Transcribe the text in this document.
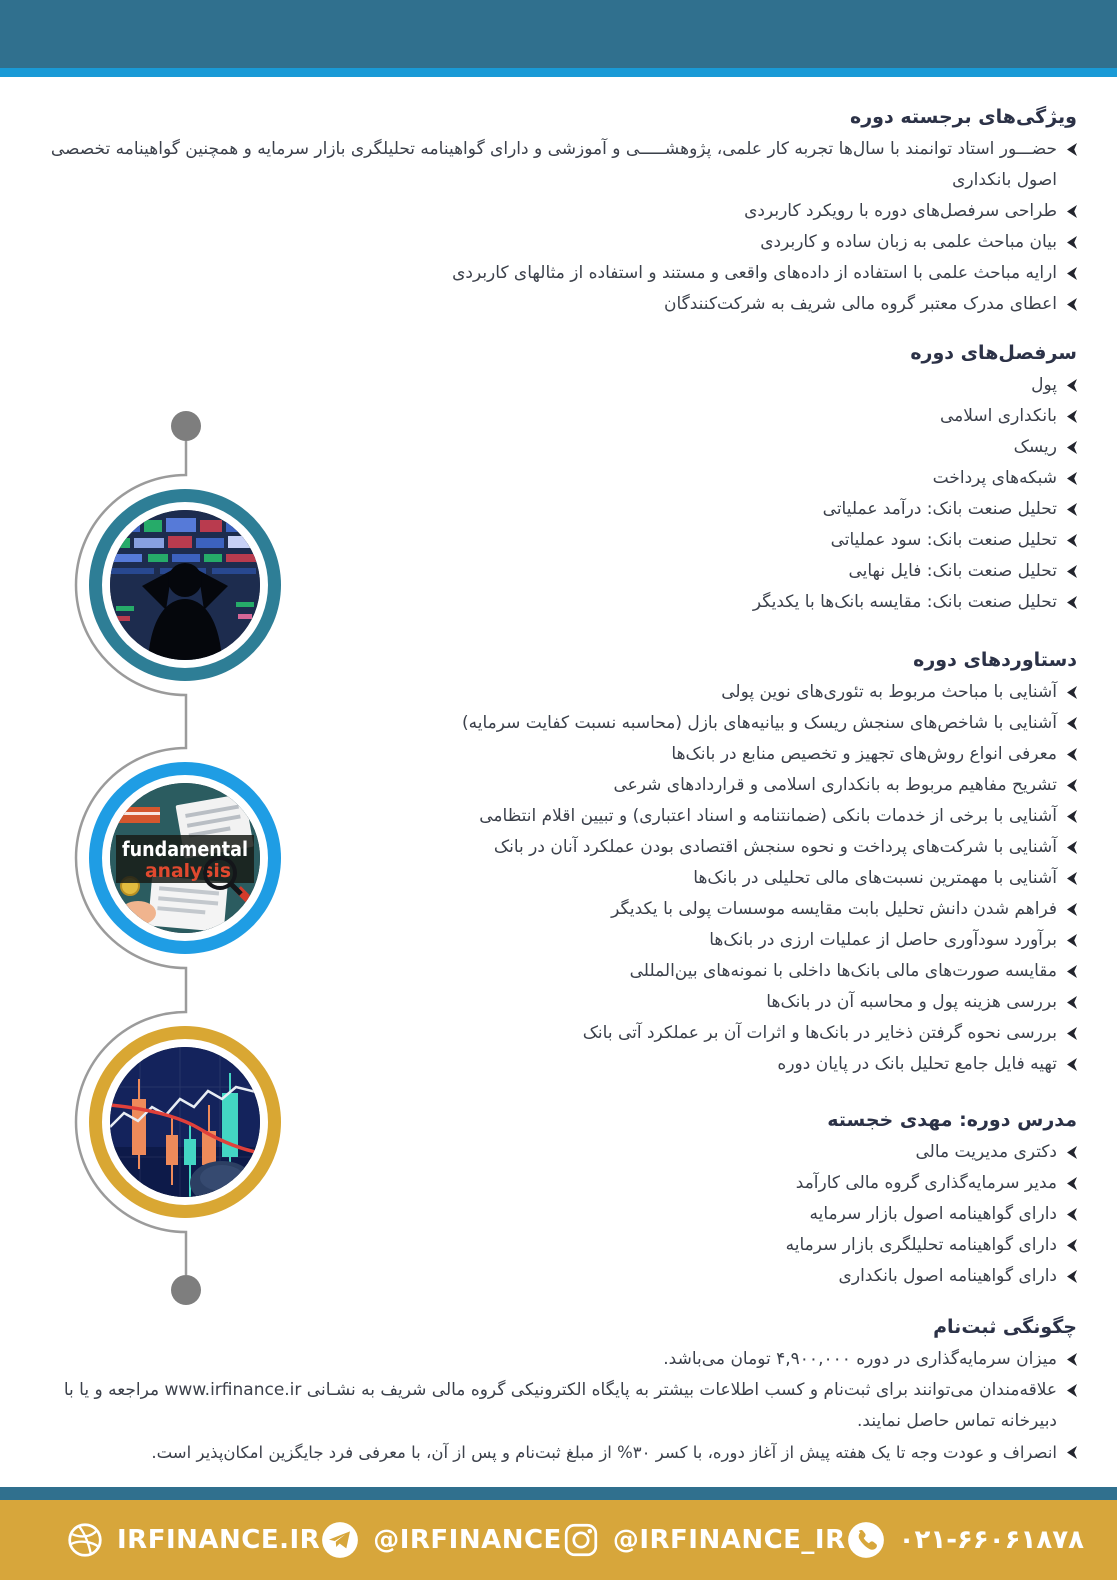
fundamental
analysis
ویژگی‌های برجسته دوره
حضـــور استاد توانمند با سال‌ها تجربه کار علمی، پژوهشـــــی و آموزشی و دارای گواهینامه تحلیلگری بازار سرمایه و همچنین گواهینامه تخصصی اصول بانکداری
طراحی سرفصل‌های دوره با رویکرد کاربردی
بیان مباحث علمی به زبان ساده و کاربردی
ارایه مباحث علمی با استفاده از داده‌های واقعی و مستند و استفاده از مثالهای کاربردی
اعطای مدرک معتبر گروه مالی شریف به شرکت‌کنندگان
سرفصل‌های دوره
پول
بانکداری اسلامی
ریسک
شبکه‌های پرداخت
تحلیل صنعت بانک: درآمد عملیاتی
تحلیل صنعت بانک: سود عملیاتی
تحلیل صنعت بانک: فایل نهایی
تحلیل صنعت بانک: مقایسه بانک‌ها با یکدیگر
دستاوردهای دوره
آشنایی با مباحث مربوط به تئوری‌های نوین پولی
آشنایی با شاخص‌های سنجش ریسک و بیانیه‌های بازل (محاسبه نسبت کفایت سرمایه)
معرفی انواع روش‌های تجهیز و تخصیص منابع در بانک‌ها
تشریح مفاهیم مربوط به بانکداری اسلامی و قراردادهای شرعی
آشنایی با برخی از خدمات بانکی (ضمانتنامه و اسناد اعتباری) و تبیین اقلام انتظامی
آشنایی با شرکت‌های پرداخت و نحوه سنجش اقتصادی بودن عملکرد آنان در بانک
آشنایی با مهمترین نسبت‌های مالی تحلیلی در بانک‌ها
فراهم شدن دانش تحلیل بابت مقایسه موسسات پولی با یکدیگر
برآورد سودآوری حاصل از عملیات ارزی در بانک‌ها
مقایسه صورت‌های مالی بانک‌ها داخلی با نمونه‌های بین‌المللی
بررسی هزینه پول و محاسبه آن در بانک‌ها
بررسی نحوه گرفتن ذخایر در بانک‌ها و اثرات آن بر عملکرد آتی بانک
تهیه فایل جامع تحلیل بانک در پایان دوره
مدرس دوره: مهدی خجسته
دکتری مدیریت مالی
مدیر سرمایه‌گذاری گروه مالی کارآمد
دارای گواهینامه اصول بازار سرمایه
دارای گواهینامه تحلیلگری بازار سرمایه
دارای گواهینامه اصول بانکداری
چگونگی ثبت‌نام
میزان سرمایه‌گذاری در دوره ۴,۹۰۰,۰۰۰ تومان می‌باشد.
علاقه‌مندان می‌توانند برای ثبت‌نام و کسب اطلاعات بیشتر به پایگاه الکترونیکی گروه مالی شریف به نشـانی www.irfinance.ir مراجعه و یا با دبیرخانه تماس حاصل نمایند.
انصراف و عودت وجه تا یک هفته پیش از آغاز دوره، با کسر ۳۰% از مبلغ ثبت‌نام و پس از آن، با معرفی فرد جایگزین امکان‌پذیر است.
IRFINANCE.IR @IRFINANCE @IRFINANCE_IR ۰۲۱-۶۶۰۶۱۸۷۸
